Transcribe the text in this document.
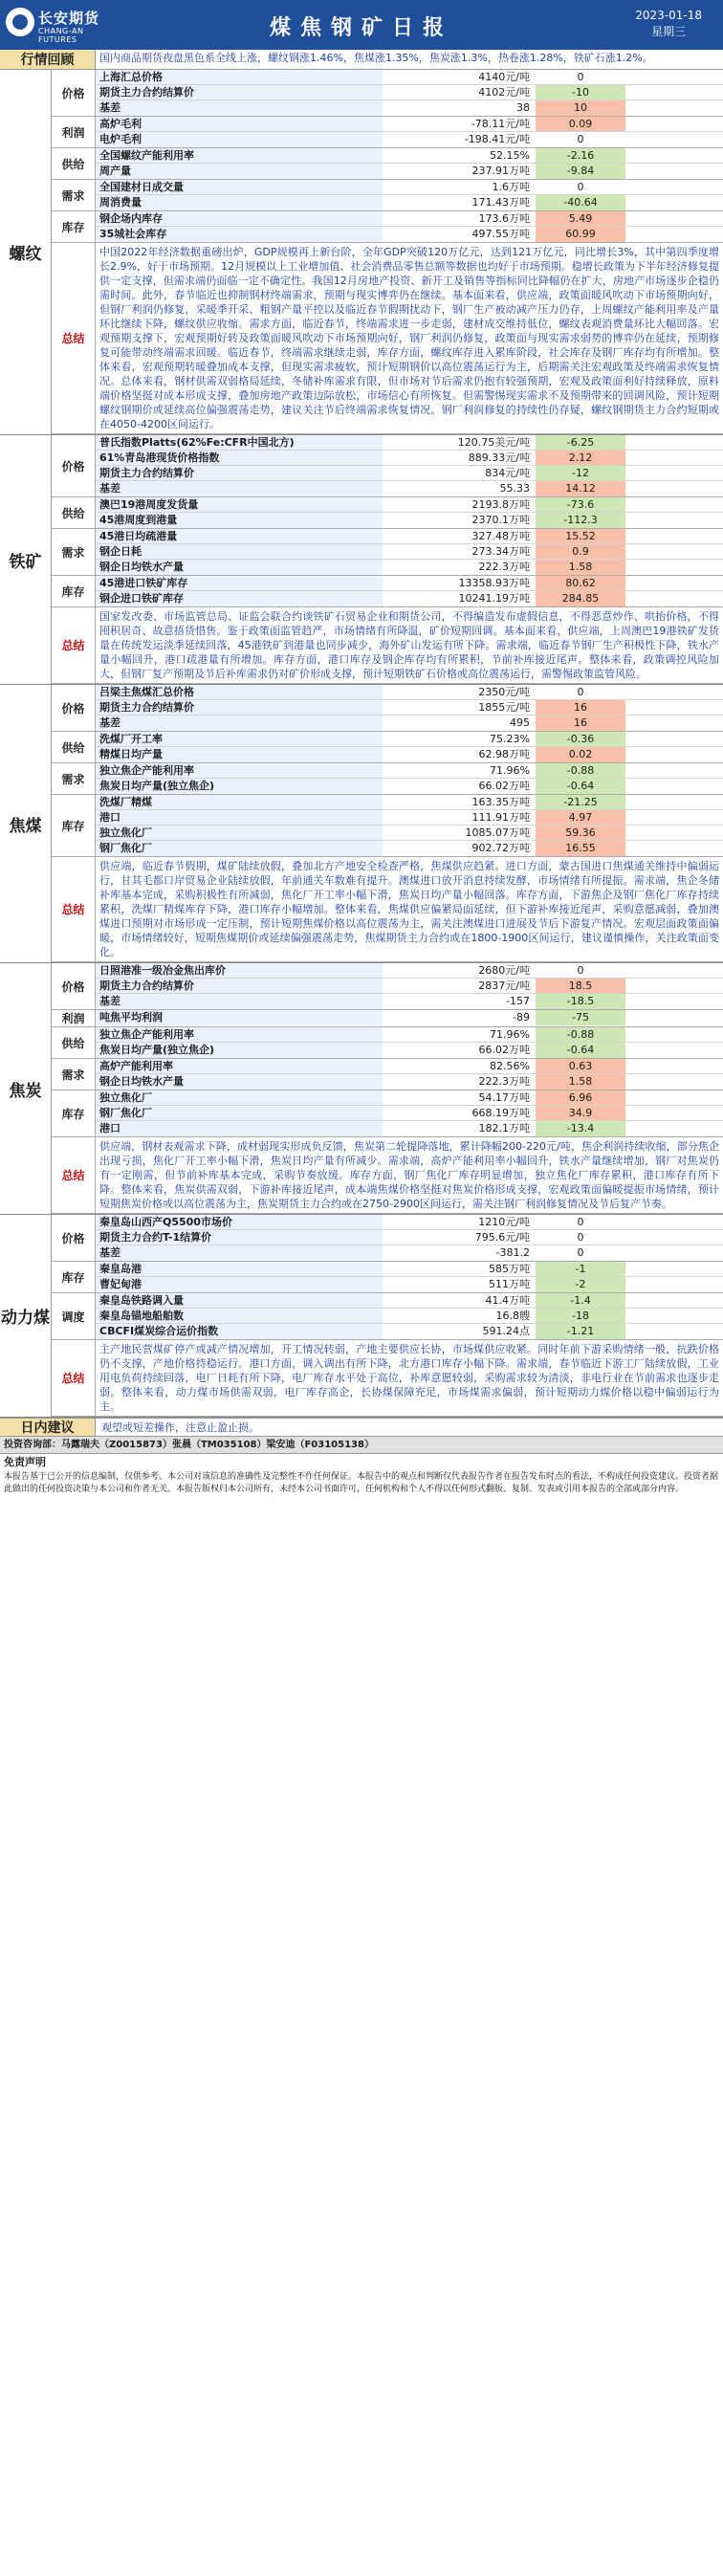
长安期货
CHANG-AN FUTURES	煤焦钢矿日报
2023-01-18
星期三
行情回顾	国内商品期货夜盘黑色系全线上涨，螺纹钢涨1.46%，焦煤涨1.35%，焦炭涨1.3%，热卷涨1.28%，铁矿石涨1.2%。
螺纹
价格
上海汇总价格	4140元/吨	0
期货主力合约结算价	4102元/吨	-10
基差	38	10
利润
高炉毛利	-78.11元/吨	0.09
电炉毛利	-198.41元/吨	0
供给
全国螺纹产能利用率	52.15%	-2.16
周产量	237.91万吨	-9.84
需求
全国建材日成交量	1.6万吨	0
周消费量	171.43万吨	-40.64
库存
钢企场内库存	173.6万吨	5.49
35城社会库存	497.55万吨	60.99
总结
中国2022年经济数据重磅出炉，GDP规模再上新台阶，全年GDP突破120万亿元，达到121万亿元，同比增长3%，其中第四季度增长2.9%，好于市场预期。12月规模以上工业增加值、社会消费品零售总额等数据也均好于市场预期。稳增长政策为下半年经济修复提供一定支撑，但需求端仍面临一定不确定性。我国12月房地产投资、新开工及销售等指标同比降幅仍在扩大，房地产市场逐步企稳仍需时间。此外，春节临近也抑制钢材终端需求，预期与现实博弈仍在继续。基本面来看，供应端，政策面暖风吹动下市场预期向好，但钢厂利润仍修复，采暖季开采、粗钢产量平控以及临近春节假期扰动下，钢厂生产被动减产压力仍存，上周螺纹产能利用率及产量环比继续下降，螺纹供应收缩。需求方面，临近春节，终端需求进一步走弱，建材成交维持低位，螺纹表观消费量环比大幅回落。宏观预期支撑下，宏观预期好转及政策面暖风吹动下市场预期向好，钢厂利润仍修复，政策面与现实需求弱势的博弈仍在延续，预期修复可能带动终端需求回暖。临近春节，终端需求继续走弱，库存方面，螺纹库存进入累库阶段，社会库存及钢厂库存均有所增加。整体来看，宏观预期转暖叠加成本支撑，但现实需求疲软，预计短期钢价以高位震荡运行为主，后期需关注宏观政策及终端需求恢复情况。总体来看，钢材供需双弱格局延续，冬储补库需求有限，但市场对节后需求仍抱有较强预期，宏观及政策面利好持续释放，原料端价格坚挺对成本形成支撑，叠加房地产政策边际放松，市场信心有所恢复。但需警惕现实需求不及预期带来的回调风险，预计短期螺纹钢期价或延续高位偏强震荡走势，建议关注节后终端需求恢复情况。钢厂利润修复的持续性仍存疑，螺纹钢期货主力合约短期或在4050-4200区间运行。
铁矿
价格
普氏指数Platts(62%Fe:CFR中国北方)	120.75美元/吨	-6.25
61%青岛港现货价格指数	889.33元/吨	2.12
期货主力合约结算价	834元/吨	-12
基差	55.33	14.12
供给
澳巴19港周度发货量	2193.8万吨	-73.6
45港周度到港量	2370.1万吨	-112.3
需求
45港日均疏港量	327.48万吨	15.52
钢企日耗	273.34万吨	0.9
钢企日均铁水产量	222.3万吨	1.58
库存
45港进口铁矿库存	13358.93万吨	80.62
钢企进口铁矿库存	10241.19万吨	284.85
总结
国家发改委、市场监管总局、证监会联合约谈铁矿石贸易企业和期货公司，不得编造发布虚假信息，不得恶意炒作、哄抬价格，不得囤积居奇、故意捂货惜售。鉴于政策面监管趋严，市场情绪有所降温，矿价短期回调。基本面来看，供应端，上周澳巴19港铁矿发货量在传统发运淡季延续回落，45港铁矿到港量也同步减少，海外矿山发运有所下降。需求端，临近春节钢厂生产积极性下降，铁水产量小幅回升，港口疏港量有所增加。库存方面，港口库存及钢企库存均有所累积，节前补库接近尾声。整体来看，政策调控风险加大，但钢厂复产预期及节后补库需求仍对矿价形成支撑，预计短期铁矿石价格或高位震荡运行，需警惕政策监管风险。
焦煤
价格
吕梁主焦煤汇总价格	2350元/吨	0
期货主力合约结算价	1855元/吨	16
基差	495	16
供给
洗煤厂开工率	75.23%	-0.36
精煤日均产量	62.98万吨	0.02
需求
独立焦企产能利用率	71.96%	-0.88
焦炭日均产量(独立焦企)	66.02万吨	-0.64
库存
洗煤厂精煤	163.35万吨	-21.25
港口	111.91万吨	4.97
独立焦化厂	1085.07万吨	59.36
钢厂焦化厂	902.72万吨	16.55
总结
供应端，临近春节假期，煤矿陆续放假，叠加北方产地安全检查严格，焦煤供应趋紧。进口方面，蒙古国进口焦煤通关维持中偏弱运行，甘其毛都口岸贸易企业陆续放假，年前通关车数难有提升。澳煤进口放开消息持续发酵，市场情绪有所提振。需求端，焦企冬储补库基本完成，采购积极性有所减弱，焦化厂开工率小幅下滑，焦炭日均产量小幅回落。库存方面，下游焦企及钢厂焦化厂库存持续累积，洗煤厂精煤库存下降，港口库存小幅增加。整体来看，焦煤供应偏紧局面延续，但下游补库接近尾声，采购意愿减弱，叠加澳煤进口预期对市场形成一定压制，预计短期焦煤价格以高位震荡为主，需关注澳煤进口进展及节后下游复产情况。宏观层面政策面偏暖，市场情绪较好，短期焦煤期价或延续偏强震荡走势，焦煤期货主力合约或在1800-1900区间运行，建议谨慎操作，关注政策面变化。
焦炭
价格
日照港准一级冶金焦出库价	2680元/吨	0
期货主力合约结算价	2837元/吨	18.5
基差	-157	-18.5
利润	吨焦平均利润	-89	-75
供给
独立焦企产能利用率	71.96%	-0.88
焦炭日均产量(独立焦企)	66.02万吨	-0.64
需求
高炉产能利用率	82.56%	0.63
钢企日均铁水产量	222.3万吨	1.58
库存
独立焦化厂	54.17万吨	6.96
钢厂焦化厂	668.19万吨	34.9
港口	182.1万吨	-13.4
总结
供应端，钢材表观需求下降，成材弱现实形成负反馈，焦炭第二轮提降落地，累计降幅200-220元/吨，焦企利润持续收缩，部分焦企出现亏损，焦化厂开工率小幅下滑，焦炭日均产量有所减少。需求端，高炉产能利用率小幅回升，铁水产量继续增加，钢厂对焦炭仍有一定刚需，但节前补库基本完成，采购节奏放缓。库存方面，钢厂焦化厂库存明显增加，独立焦化厂库存累积，港口库存有所下降。整体来看，焦炭供需双弱，下游补库接近尾声，成本端焦煤价格坚挺对焦炭价格形成支撑，宏观政策面偏暖提振市场情绪，预计短期焦炭价格或以高位震荡为主，焦炭期货主力合约或在2750-2900区间运行，需关注钢厂利润修复情况及节后复产节奏。
动力煤
价格
秦皇岛山西产Q5500市场价	1210元/吨	0
期货主力合约T-1结算价	795.6元/吨	0
基差	-381.2	0
库存
秦皇岛港	585万吨	-1
曹妃甸港	511万吨	-2
调度
秦皇岛铁路调入量	41.4万吨	-1.4
秦皇岛锚地船舶数	16.8艘	-18
CBCFI煤炭综合运价指数	591.24点	-1.21
总结
主产地民营煤矿停产或减产情况增加，开工情况转弱，产地主要供应长协，市场煤供应收紧。同时年前下游采购情绪一般，抗跌价格仍不支撑，产地价格持稳运行。港口方面，调入调出有所下降，北方港口库存小幅下降。需求端，春节临近下游工厂陆续放假，工业用电负荷持续回落，电厂日耗有所下降，电厂库存水平处于高位，补库意愿较弱，采购需求较为清淡，非电行业在节前需求也逐步走弱。整体来看，动力煤市场供需双弱，电厂库存高企，长协煤保障充足，市场煤需求偏弱，预计短期动力煤价格以稳中偏弱运行为主。
日内建议	观望或短差操作，注意止盈止损。
投资咨询部：马露瑞夫（Z0015873）张晨（TM035108）梁安迪（F03105138）
免责声明
本报告基于已公开的信息编制，仅供参考。本公司对该信息的准确性及完整性不作任何保证。本报告中的观点和判断仅代表报告作者在报告发布时点的看法，不构成任何投资建议。投资者据此做出的任何投资决策与本公司和作者无关。本报告版权归本公司所有，未经本公司书面许可，任何机构和个人不得以任何形式翻版、复制、发表或引用本报告的全部或部分内容。
